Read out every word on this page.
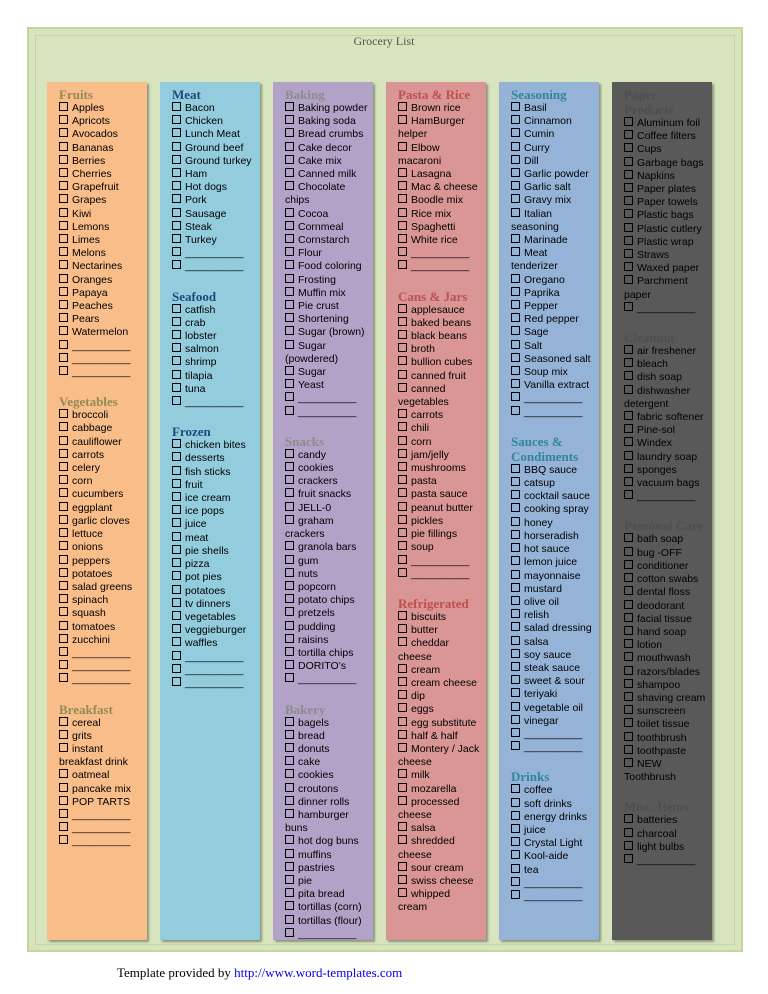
Grocery List
Fruits
Apples
Apricots
Avocados
Bananas
Berries
Cherries
Grapefruit
Grapes
Kiwi
Lemons
Limes
Melons
Nectarines
Oranges
Papaya
Peaches
Pears
Watermelon
__________
__________
__________
Vegetables
broccoli
cabbage
cauliflower
carrots
celery
corn
cucumbers
eggplant
garlic cloves
lettuce
onions
peppers
potatoes
salad greens
spinach
squash
tomatoes
zucchini
__________
__________
__________
Breakfast
cereal
grits
instant breakfast drink
oatmeal
pancake mix
POP TARTS
__________
__________
__________
Meat
Bacon
Chicken
Lunch Meat
Ground beef
Ground turkey
Ham
Hot dogs
Pork
Sausage
Steak
Turkey
__________
__________
Seafood
catfish
crab
lobster
salmon
shrimp
tilapia
tuna
__________
Frozen
chicken bites
desserts
fish sticks
fruit
ice cream
ice pops
juice
meat
pie shells
pizza
pot pies
potatoes
tv dinners
vegetables
veggieburger
waffles
__________
__________
__________
Baking
Baking powder
Baking soda
Bread crumbs
Cake decor
Cake mix
Canned milk
Chocolate chips
Cocoa
Cornmeal
Cornstarch
Flour
Food coloring
Frosting
Muffin mix
Pie crust
Shortening
Sugar (brown)
Sugar (powdered)
Sugar
Yeast
__________
__________
Snacks
candy
cookies
crackers
fruit snacks
JELL-0
graham crackers
granola bars
gum
nuts
popcorn
potato chips
pretzels
pudding
raisins
tortilla chips
DORITO’s
__________
Bakery
bagels
bread
donuts
cake
cookies
croutons
dinner rolls
hamburger buns
hot dog buns
muffins
pastries
pie
pita bread
tortillas (corn)
tortillas (flour)
__________
Pasta & Rice
Brown rice
HamBurger helper
Elbow macaroni
Lasagna
Mac & cheese
Boodle mix
Rice mix
Spaghetti
White rice
__________
__________
Cans & Jars
applesauce
baked beans
black beans
broth
bullion cubes
canned fruit
canned vegetables
carrots
chili
corn
jam/jelly
mushrooms
pasta
pasta sauce
peanut butter
pickles
pie fillings
soup
__________
__________
Refrigerated
biscuits
butter
cheddar cheese
cream
cream cheese
dip
eggs
egg substitute
half & half
Montery / Jack cheese
milk
mozarella
processed cheese
salsa
shredded cheese
sour cream
swiss cheese
whipped cream
Seasoning
Basil
Cinnamon
Cumin
Curry
Dill
Garlic powder
Garlic salt
Gravy mix
Italian seasoning
Marinade
Meat tenderizer
Oregano
Paprika
Pepper
Red pepper
Sage
Salt
Seasoned salt
Soup mix
Vanilla extract
__________
__________
Sauces & Condiments
BBQ sauce
catsup
cocktail sauce
cooking spray
honey
horseradish
hot sauce
lemon juice
mayonnaise
mustard
olive oil
relish
salad dressing
salsa
soy sauce
steak sauce
sweet & sour
teriyaki
vegetable oil
vinegar
__________
__________
Drinks
coffee
soft drinks
energy drinks
juice
Crystal Light
Kool-aide
tea
__________
__________
Paper Products
Aluminum foil
Coffee filters
Cups
Garbage bags
Napkins
Paper plates
Paper towels
Plastic bags
Plastic cutlery
Plastic wrap
Straws
Waxed paper
Parchment paper
__________
Cleaning
air freshener
bleach
dish soap
dishwasher detergent
fabric softener
Pine-sol
Windex
laundry soap
sponges
vacuum bags
__________
Personal Care
bath soap
bug -OFF
conditioner
cotton swabs
dental floss
deodorant
facial tissue
hand soap
lotion
mouthwash
razors/blades
shampoo
shaving cream
sunscreen
toilet tissue
toothbrush
toothpaste
NEW Toothbrush
Misc. Items
batteries
charcoal
light bulbs
__________
Template provided by http://www.word-templates.com
